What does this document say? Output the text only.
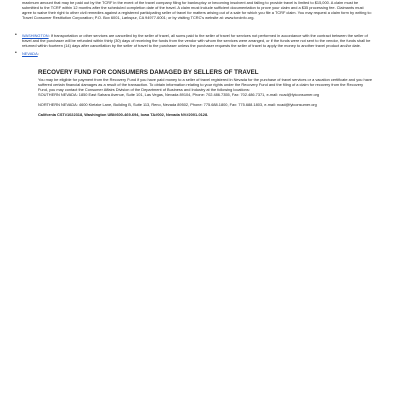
maximum amount that may be paid out by the TCRF in the event of the travel company filing for bankruptcy or becoming insolvent and failing to provide travel is limited to $15,000. A claim must be submitted to the TCRF within 12 months after the scheduled completion date of the travel. A claim must include sufficient documentation to prove your claim and a $35 processing fee. Claimants must agree to waive their right to other civil remedies against a registered participating seller of travel for matters arising out of a sale for which you file a TCRF claim. You may request a claim form by writing to: Travel Consumer Restitution Corporation; P.O. Box 6001, Larkspur, CA 94977-6001; or by visiting TCRC's website at: www.tcrcinfo.org.

• WASHINGTON: If transportation or other services are cancelled by the seller of travel, all sums paid to the seller of travel for services not performed in accordance with the contract between the seller of travel and the purchaser will be refunded within thirty (30) days of receiving the funds from the vendor with whom the services were arranged, or if the funds were not sent to the vendor, the funds shall be returned within fourteen (14) days after cancellation by the seller of travel to the purchaser unless the purchaser requests the seller of travel to apply the money to another travel product and/or date.

• NEVADA:

RECOVERY FUND FOR CONSUMERS DAMAGED BY SELLERS OF TRAVEL

You may be eligible for payment from the Recovery Fund if you have paid money to a seller of travel registered in Nevada for the purchase of travel services or a vacation certificate and you have suffered certain financial damages as a result of the transaction. To obtain information relating to your rights under the Recovery Fund and the filing of a claim for recovery from the Recovery Fund, you may contact the Consumer Affairs Division of the Department of Business and Industry at the following locations:

SOUTHERN NEVADA: 1850 East Sahara Avenue, Suite 101, Las Vegas, Nevada 89104, Phone: 702.486.7355, Fax: 702.486.7371, e-mail: ncad@fyiconsumer.org

NORTHERN NEVADA: 4600 Kietzke Lane, Building B, Suite 113, Reno, Nevada 89502, Phone: 775.688.1800, Fax: 775.688.1803, e-mail: ncad@fyiconsumer.org

California CST#1022318, Washington UBI#600-469-694, Iowa TA#002, Nevada NV#2001-0128.
